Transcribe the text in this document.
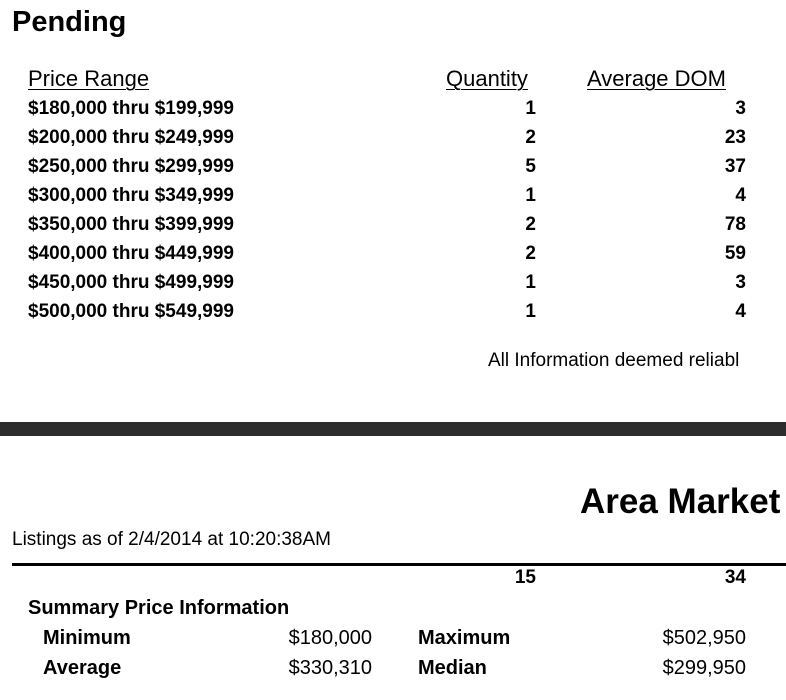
Pending
Price Range	Quantity	Average DOM
$180,000 thru $199,999	1	3
$200,000 thru $249,999	2	23
$250,000 thru $299,999	5	37
$300,000 thru $349,999	1	4
$350,000 thru $399,999	2	78
$400,000 thru $449,999	2	59
$450,000 thru $499,999	1	3
$500,000 thru $549,999	1	4
All Information deemed reliabl
Area Market
Listings as of 2/4/2014 at 10:20:38AM
15	34
Summary Price Information
Minimum	$180,000 Maximum	$502,950
Average	$330,310 Median	$299,950
